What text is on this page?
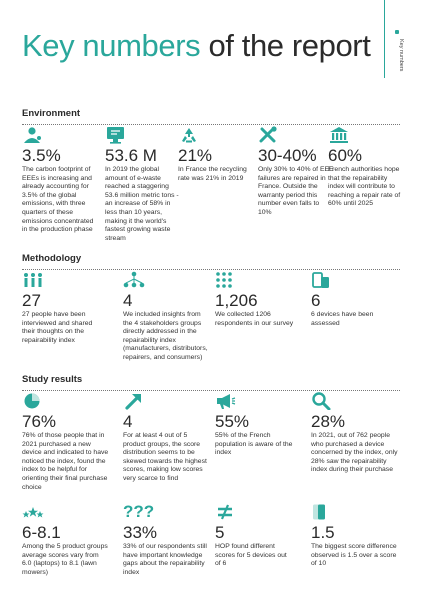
Key numbers of the report	Key numbers
Environment
3.5%
The carbon footprint of EEEs is increasing and already accounting for 3.5% of the global emissions, with three quarters of these emissions concentrated in the production phase
53.6 M
In 2019 the global amount of e-waste reached a staggering 53.6 million metric tons - an increase of 58% in less than 10 years, making it the world's fastest growing waste stream
21%
In France the recycling rate was 21% in 2019
30-40%
Only 30% to 40% of EEE failures are repaired in France. Outside the warranty period this number even falls to 10%
60%
French authorities hope that the repairability index will contribute to reaching a repair rate of 60% until 2025
Methodology
27
27 people have been interviewed and shared their thoughts on the repairability index
4
We included insights from the 4 stakeholders groups directly addressed in the repairability index (manufacturers, distributors, repairers, and consumers)
1,206
We collected 1206 respondents in our survey
6
6 devices have been assessed
Study results
76%
76% of those people that in 2021 purchased a new device and indicated to have noticed the index, found the index to be helpful for orienting their final purchase choice
4
For at least 4 out of 5 product groups, the score distribution seems to be skewed towards the highest scores, making low scores very scarce to find
55%
55% of the French population is aware of the index
28%
In 2021, out of 762 people who purchased a device concerned by the index, only 28% saw the repairability index during their purchase
6-8.1
Among the 5 product groups average scores vary from 6.0 (laptops) to 8.1 (lawn mowers)
???
33%
33% of our respondents still have important knowledge gaps about the repairability index
5
HOP found different scores for 5 devices out of 6
1.5
The biggest score difference observed is 1.5 over a score of 10
